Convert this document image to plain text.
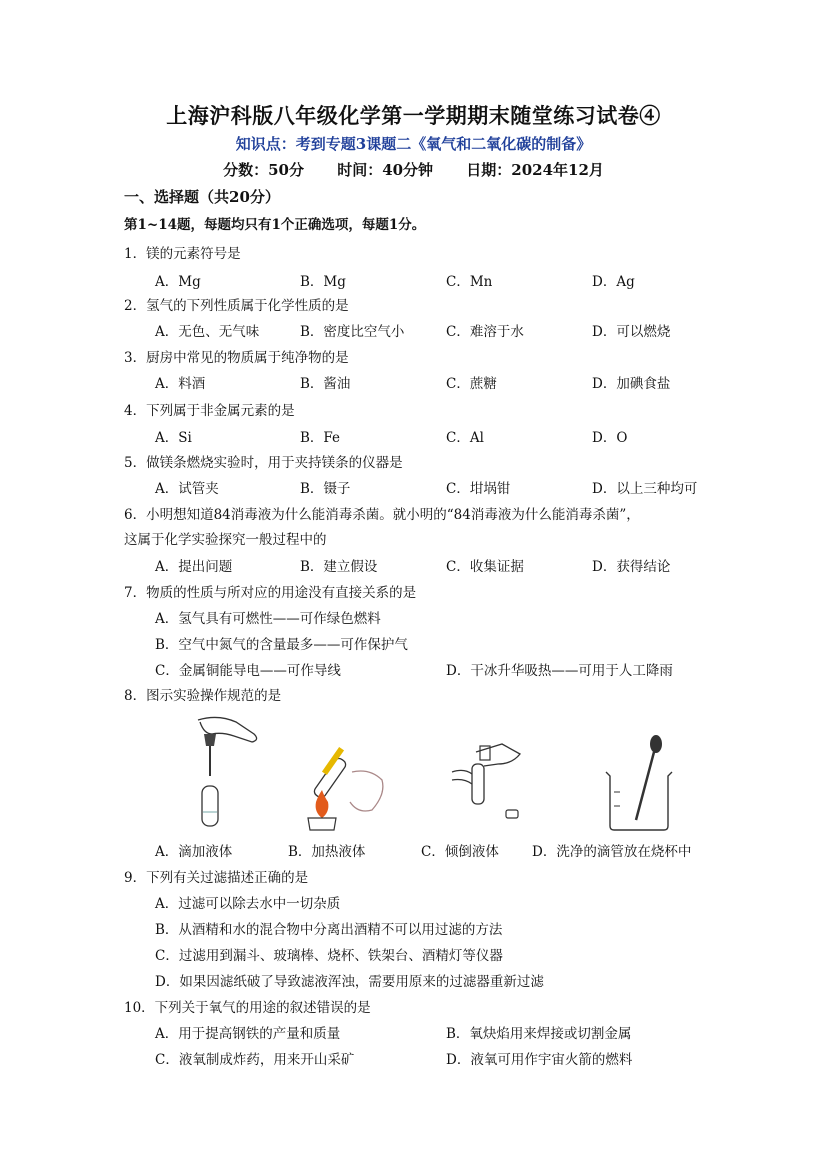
上海沪科版八年级化学第一学期期末随堂练习试卷④
知识点：考到专题3课题二《氧气和二氧化碳的制备》
分数：50分 时间：40分钟 日期：2024年12月
一、选择题（共20分）
第1~14题，每题均只有1个正确选项，每题1分。
1．镁的元素符号是
A．Mg	B．Mg	C．Mn	D．Ag
2．氢气的下列性质属于化学性质的是
A．无色、无气味	B．密度比空气小	C．难溶于水	D．可以燃烧
3．厨房中常见的物质属于纯净物的是
A．料酒	B．酱油	C．蔗糖	D．加碘食盐
4．下列属于非金属元素的是
A．Si	B．Fe	C．Al	D．O
5．做镁条燃烧实验时，用于夹持镁条的仪器是
A．试管夹	B．镊子	C．坩埚钳	D．以上三种均可
6．小明想知道84消毒液为什么能消毒杀菌。就小明的“84消毒液为什么能消毒杀菌”，
这属于化学实验探究一般过程中的
A．提出问题	B．建立假设	C．收集证据	D．获得结论
7．物质的性质与所对应的用途没有直接关系的是
A．氢气具有可燃性——可作绿色燃料
B．空气中氮气的含量最多——可作保护气
C．金属铜能导电——可作导线	D．干冰升华吸热——可用于人工降雨
8．图示实验操作规范的是
A．滴加液体	B．加热液体	C．倾倒液体 D．洗净的滴管放在烧杯中
9．下列有关过滤描述正确的是
A．过滤可以除去水中一切杂质
B．从酒精和水的混合物中分离出酒精不可以用过滤的方法
C．过滤用到漏斗、玻璃棒、烧杯、铁架台、酒精灯等仪器
D．如果因滤纸破了导致滤液浑浊，需要用原来的过滤器重新过滤
10．下列关于氧气的用途的叙述错误的是
A．用于提高钢铁的产量和质量	B．氧炔焰用来焊接或切割金属
C．液氧制成炸药，用来开山采矿	D．液氧可用作宇宙火箭的燃料
